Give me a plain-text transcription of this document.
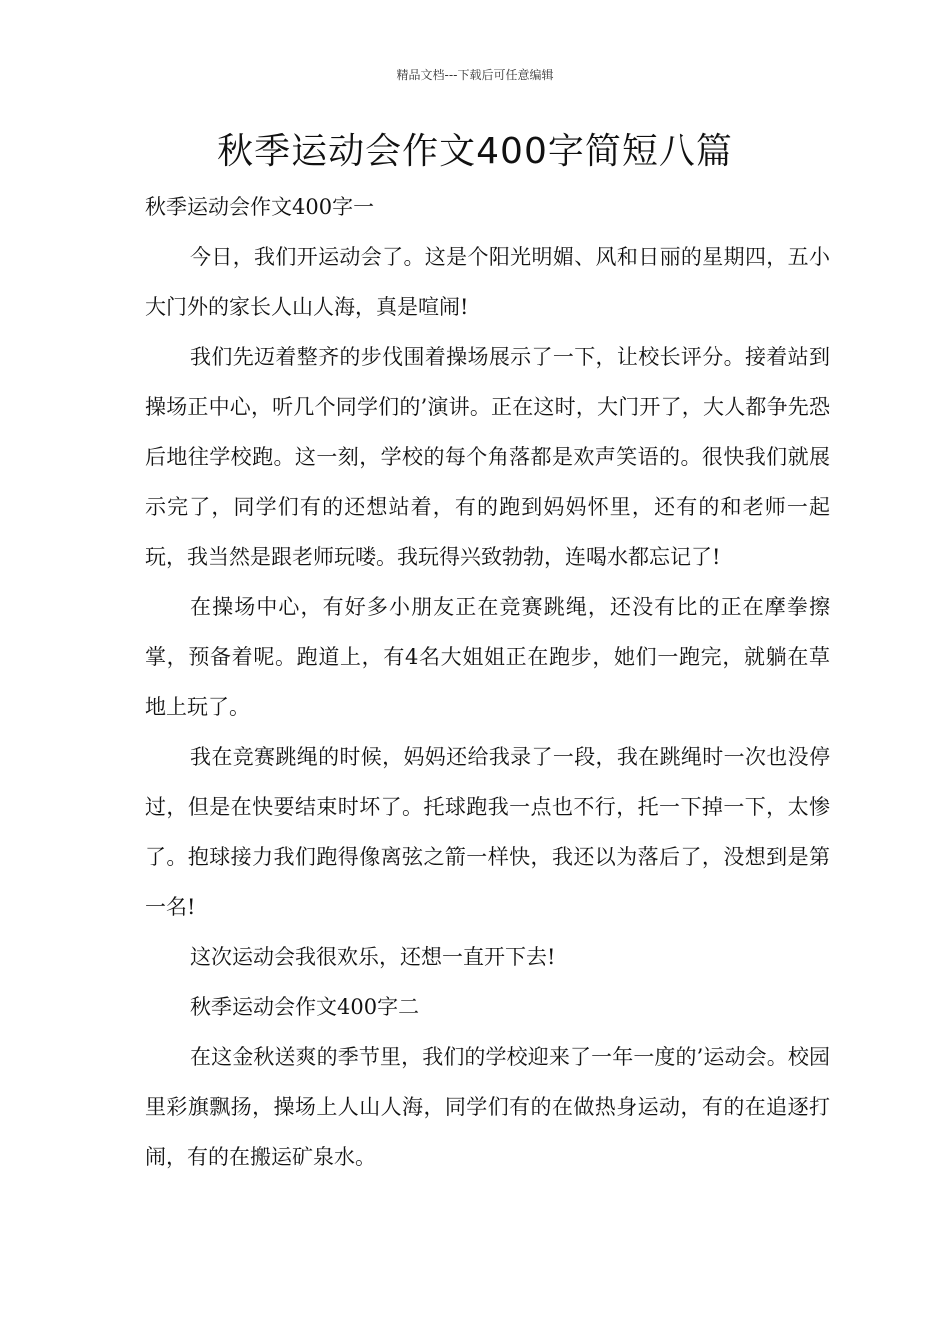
精品文档---下载后可任意编辑
秋季运动会作文400字简短八篇

秋季运动会作文400字一

今日，我们开运动会了。这是个阳光明媚、风和日丽的星期四，五小大门外的家长人山人海，真是喧闹!

我们先迈着整齐的步伐围着操场展示了一下，让校长评分。接着站到操场正中心，听几个同学们的’演讲。正在这时，大门开了，大人都争先恐后地往学校跑。这一刻，学校的每个角落都是欢声笑语的。很快我们就展示完了，同学们有的还想站着，有的跑到妈妈怀里，还有的和老师一起玩，我当然是跟老师玩喽。我玩得兴致勃勃，连喝水都忘记了!

在操场中心，有好多小朋友正在竞赛跳绳，还没有比的正在摩拳擦掌，预备着呢。跑道上，有4名大姐姐正在跑步，她们一跑完，就躺在草地上玩了。

我在竞赛跳绳的时候，妈妈还给我录了一段，我在跳绳时一次也没停过，但是在快要结束时坏了。托球跑我一点也不行，托一下掉一下，太惨了。抱球接力我们跑得像离弦之箭一样快，我还以为落后了，没想到是第一名!

这次运动会我很欢乐，还想一直开下去!

秋季运动会作文400字二

在这金秋送爽的季节里，我们的学校迎来了一年一度的’运动会。校园里彩旗飘扬，操场上人山人海，同学们有的在做热身运动，有的在追逐打闹，有的在搬运矿泉水。
